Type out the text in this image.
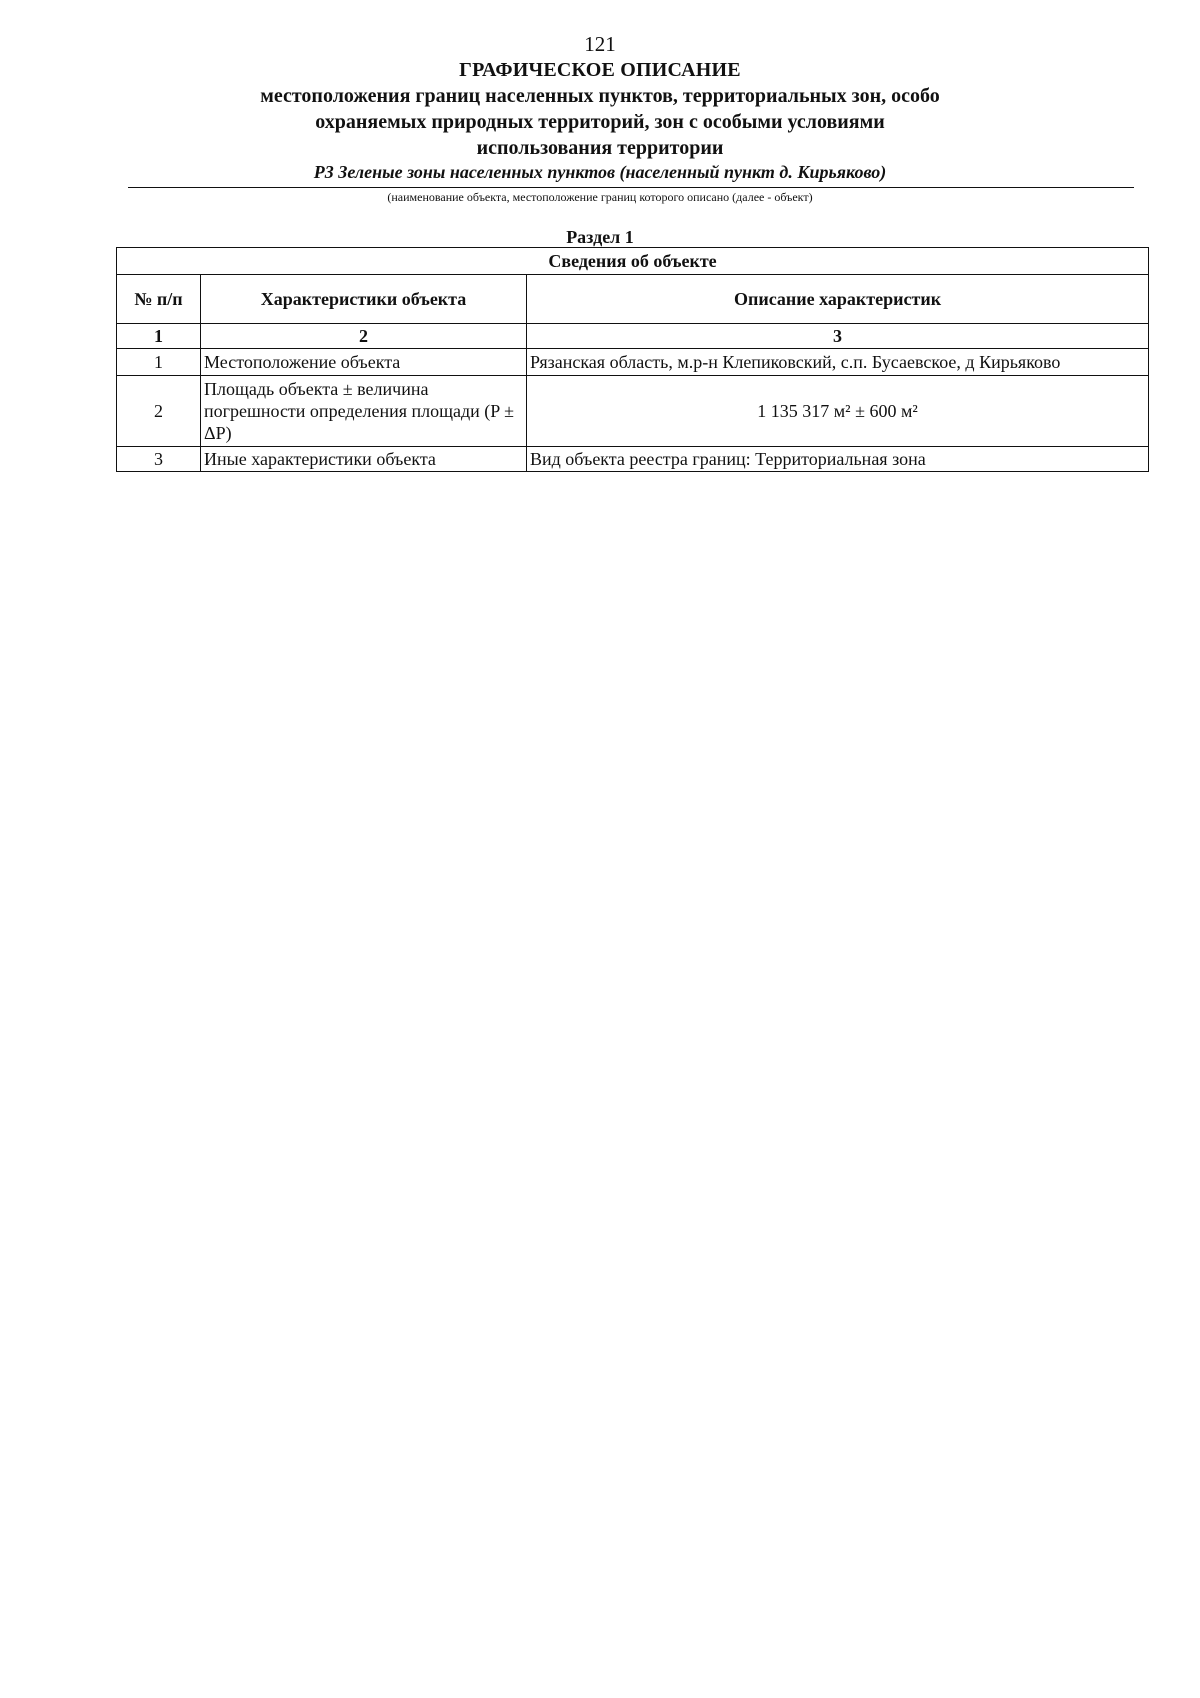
121
ГРАФИЧЕСКОЕ ОПИСАНИЕ
местоположения границ населенных пунктов, территориальных зон, особо охраняемых природных территорий, зон с особыми условиями использования территории
Р3 Зеленые зоны населенных пунктов (населенный пункт д. Кирьяково)
(наименование объекта, местоположение границ которого описано (далее - объект)
Раздел 1
Сведения об объекте		
№ п/п	Характеристики объекта	Описание характеристик
1	2	3
1	Местоположение объекта	Рязанская область, м.р-н Клепиковский, с.п. Бусаевское, д Кирьяково
2	Площадь объекта ± величина погрешности определения площади (P ± ΔP)	1 135 317 м² ± 600 м²
3	Иные характеристики объекта	Вид объекта реестра границ: Территориальная зона
